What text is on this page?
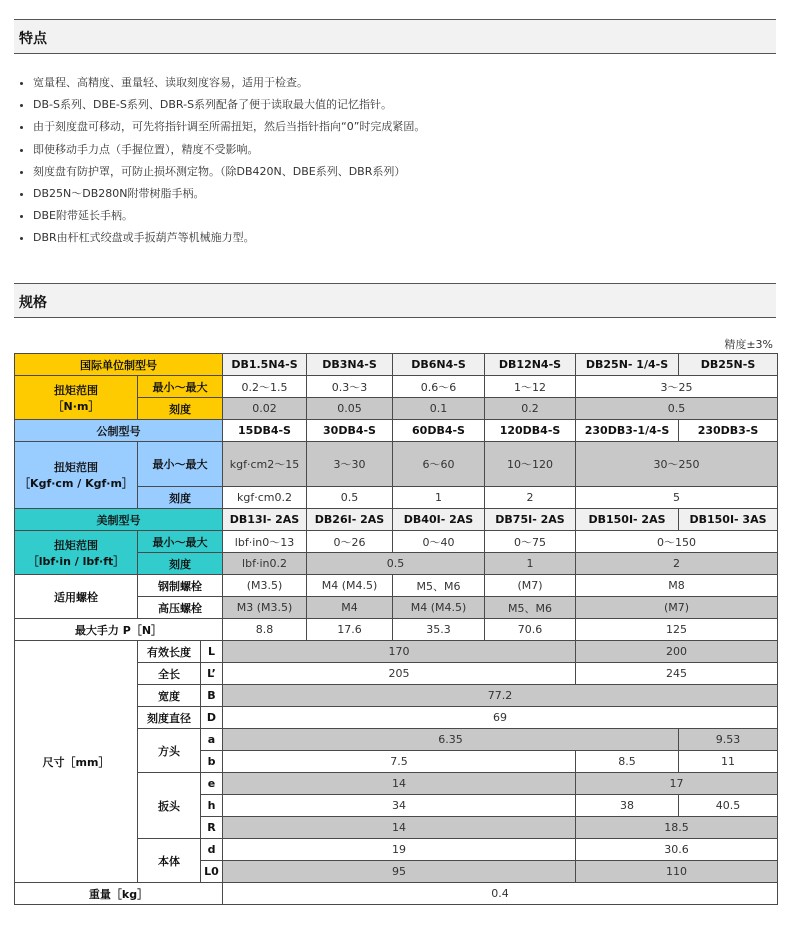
特点
• 宽量程、高精度、重量轻、读取刻度容易，适用于检查。
• DB-S系列、DBE-S系列、DBR-S系列配备了便于读取最大值的记忆指针。
• 由于刻度盘可移动，可先将指针调至所需扭矩，然后当指针指向“0”时完成紧固。
• 即使移动手力点（手握位置），精度不受影响。
• 刻度盘有防护罩，可防止损坏测定物。（除DB420N、DBE系列、DBR系列）
• DB25N～DB280N附带树脂手柄。
• DBE附带延长手柄。
• DBR由杆杠式绞盘或手扳葫芦等机械施力型。
规格
精度±3%
国际单位制型号			DB1.5N4-S	DB3N4-S	DB6N4-S	DB12N4-S	DB25N- 1/4-S	DB25N-S
扭矩范围
［N·m］	最小～最大		0.2～1.5	0.3～3	0.6～6	1～12	3～25	
	刻度		0.02	0.05	0.1	0.2	0.5	
公制型号			15DB4-S	30DB4-S	60DB4-S	120DB4-S	230DB3-1/4-S	230DB3-S
扭矩范围
［Kgf·cm / Kgf·m］	最小～最大		kgf·cm2～15	3～30	6～60	10～120	30～250	
	刻度		kgf·cm0.2	0.5	1	2	5	
美制型号			DB13I- 2AS	DB26I- 2AS	DB40I- 2AS	DB75I- 2AS	DB150I- 2AS	DB150I- 3AS
扭矩范围
［lbf·in / lbf·ft］	最小～最大		lbf·in0～13	0～26	0～40	0～75	0～150	
	刻度		lbf·in0.2	0.5		1	2	
适用螺栓	钢制螺栓		(M3.5)	M4 (M4.5)	M5、M6	(M7)	M8	
	高压螺栓		M3 (M3.5)	M4	M4 (M4.5)	M5、M6	(M7)	
最大手力 P［N］			8.8	17.6	35.3	70.6	125	
尺寸［mm］	有效长度	L	170				200	
	全长	L’	205				245	
	宽度	B	77.2					
	刻度直径	D	69					
	方头	a	6.35					9.53
		b	7.5				8.5	11
	扳头	e	14				17	
		h	34				38	40.5
		R	14				18.5	
	本体	d	19				30.6	
		L0	95				110	
重量［kg］			0.4					
